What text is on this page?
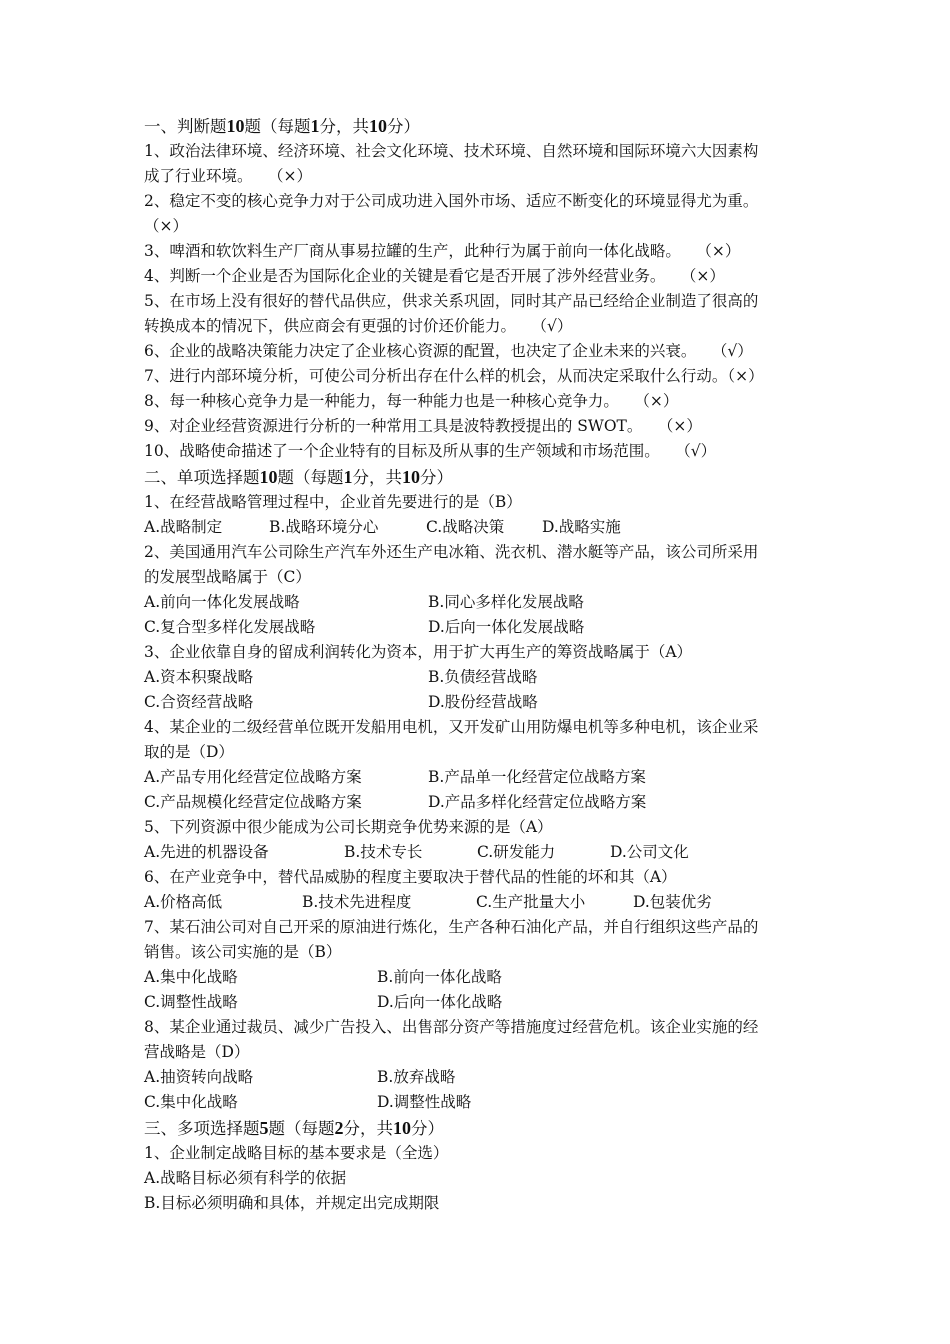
一、判断题10题（每题1分，共10分）
1、政治法律环境、经济环境、社会文化环境、技术环境、自然环境和国际环境六大因素构
成了行业环境。　　（×）
2、稳定不变的核心竞争力对于公司成功进入国外市场、适应不断变化的环境显得尤为重。
（×）
3、啤酒和软饮料生产厂商从事易拉罐的生产，此种行为属于前向一体化战略。　　（×）
4、判断一个企业是否为国际化企业的关键是看它是否开展了涉外经营业务。　　（×）
5、在市场上没有很好的替代品供应，供求关系巩固，同时其产品已经给企业制造了很高的
转换成本的情况下，供应商会有更强的讨价还价能力。　　（√）
6、企业的战略决策能力决定了企业核心资源的配置，也决定了企业未来的兴衰。　　（√）
7、进行内部环境分析，可使公司分析出存在什么样的机会，从而决定采取什么行动。（×）
8、每一种核心竞争力是一种能力，每一种能力也是一种核心竞争力。　　（×）
9、对企业经营资源进行分析的一种常用工具是波特教授提出的 SWOT。　　（×）
10、战略使命描述了一个企业特有的目标及所从事的生产领域和市场范围。　　（√）
二、单项选择题10题（每题1分，共10分）
1、在经营战略管理过程中，企业首先要进行的是（B）
A.战略制定	B.战略环境分心	C.战略决策	D.战略实施
2、美国通用汽车公司除生产汽车外还生产电冰箱、洗衣机、潜水艇等产品，该公司所采用
的发展型战略属于（C）
A.前向一体化发展战略	B.同心多样化发展战略
C.复合型多样化发展战略	D.后向一体化发展战略
3、企业依靠自身的留成利润转化为资本，用于扩大再生产的筹资战略属于（A）
A.资本积聚战略	B.负债经营战略
C.合资经营战略	D.股份经营战略
4、某企业的二级经营单位既开发船用电机，又开发矿山用防爆电机等多种电机，该企业采
取的是（D）
A.产品专用化经营定位战略方案	B.产品单一化经营定位战略方案
C.产品规模化经营定位战略方案	D.产品多样化经营定位战略方案
5、下列资源中很少能成为公司长期竞争优势来源的是（A）
A.先进的机器设备	B.技术专长	C.研发能力	D.公司文化
6、在产业竞争中，替代品威胁的程度主要取决于替代品的性能的坏和其（A）
A.价格高低	B.技术先进程度	C.生产批量大小	D.包装优劣
7、某石油公司对自己开采的原油进行炼化，生产各种石油化产品，并自行组织这些产品的
销售。该公司实施的是（B）
A.集中化战略	B.前向一体化战略
C.调整性战略	D.后向一体化战略
8、某企业通过裁员、减少广告投入、出售部分资产等措施度过经营危机。该企业实施的经
营战略是（D）
A.抽资转向战略	B.放弃战略
C.集中化战略	D.调整性战略
三、多项选择题5题（每题2分，共10分）
1、企业制定战略目标的基本要求是（全选）
A.战略目标必须有科学的依据
B.目标必须明确和具体，并规定出完成期限
